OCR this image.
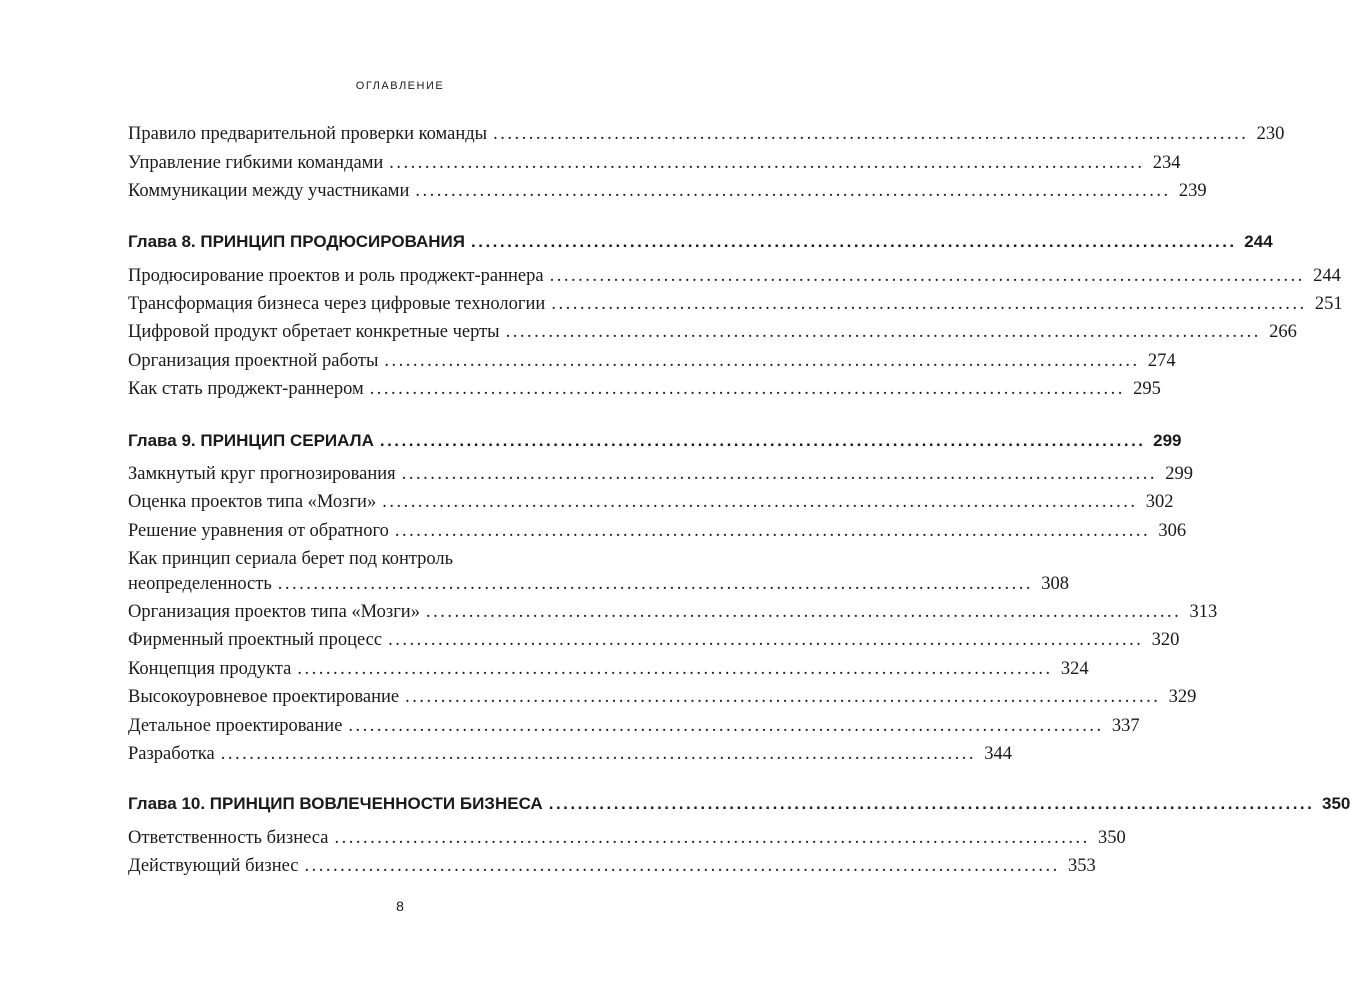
ОГЛАВЛЕНИЕ
Правило предварительной проверки команды .......................................................................................................... 230
Управление гибкими командами .......................................................................................................... 234
Коммуникации между участниками .......................................................................................................... 239
Глава 8. ПРИНЦИП ПРОДЮСИРОВАНИЯ .......................................................................................................... 244
Продюсирование проектов и роль проджект-раннера .......................................................................................................... 244
Трансформация бизнеса через цифровые технологии .......................................................................................................... 251
Цифровой продукт обретает конкретные черты .......................................................................................................... 266
Организация проектной работы .......................................................................................................... 274
Как стать проджект-раннером .......................................................................................................... 295
Глава 9. ПРИНЦИП СЕРИАЛА .......................................................................................................... 299
Замкнутый круг прогнозирования .......................................................................................................... 299
Оценка проектов типа «Мозги» .......................................................................................................... 302
Решение уравнения от обратного .......................................................................................................... 306
Как принцип сериала берет под контроль
неопределенность .......................................................................................................... 308
Организация проектов типа «Мозги» .......................................................................................................... 313
Фирменный проектный процесс .......................................................................................................... 320
Концепция продукта .......................................................................................................... 324
Высокоуровневое проектирование .......................................................................................................... 329
Детальное проектирование .......................................................................................................... 337
Разработка .......................................................................................................... 344
Глава 10. ПРИНЦИП ВОВЛЕЧЕННОСТИ БИЗНЕСА .......................................................................................................... 350
Ответственность бизнеса .......................................................................................................... 350
Действующий бизнес .......................................................................................................... 353
8
